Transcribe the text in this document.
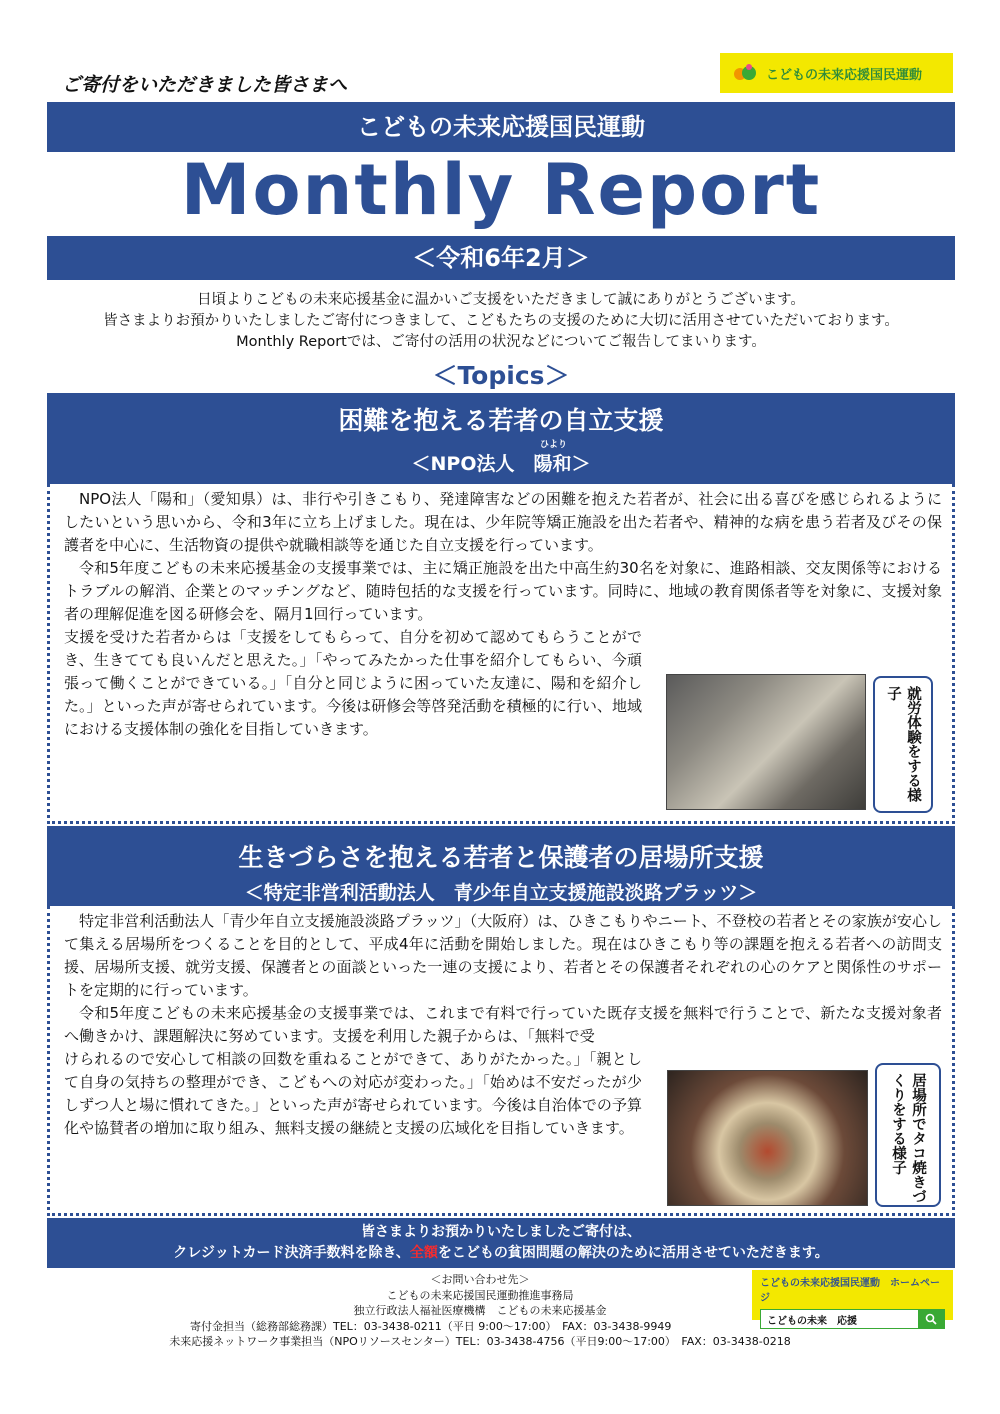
ご寄付をいただきました皆さまへ	こどもの未来応援国民運動
こどもの未来応援国民運動
Monthly Report
＜令和6年2月＞
日頃よりこどもの未来応援基金に温かいご支援をいただきまして誠にありがとうございます。
皆さまよりお預かりいたしましたご寄付につきまして、こどもたちの支援のために大切に活用させていただいております。
Monthly Reportでは、ご寄付の活用の状況などについてご報告してまいります。
＜Topics＞
困難を抱える若者の自立支援
ひより
＜NPO法人　陽和＞

NPO法人「陽和」（愛知県）は、非行や引きこもり、発達障害などの困難を抱えた若者が、社会に出る喜びを感じられるようにしたいという思いから、令和3年に立ち上げました。現在は、少年院等矯正施設を出た若者や、精神的な病を患う若者及びその保護者を中心に、生活物資の提供や就職相談等を通じた自立支援を行っています。

令和5年度こどもの未来応援基金の支援事業では、主に矯正施設を出た中高生約30名を対象に、進路相談、交友関係等におけるトラブルの解消、企業とのマッチングなど、随時包括的な支援を行っています。同時に、地域の教育関係者等を対象に、支援対象者の理解促進を図る研修会を、隔月1回行っています。

支援を受けた若者からは「支援をしてもらって、自分を初めて認めてもらうことができ、生きてても良いんだと思えた。」「やってみたかった仕事を紹介してもらい、今頑張って働くことができている。」「自分と同じように困っていた友達に、陽和を紹介した。」といった声が寄せられています。今後は研修会等啓発活動を積極的に行い、地域における支援体制の強化を目指していきます。	就労体験をする様子
生きづらさを抱える若者と保護者の居場所支援
＜特定非営利活動法人　青少年自立支援施設淡路プラッツ＞

特定非営利活動法人「青少年自立支援施設淡路プラッツ」（大阪府）は、ひきこもりやニート、不登校の若者とその家族が安心して集える居場所をつくることを目的として、平成4年に活動を開始しました。現在はひきこもり等の課題を抱える若者への訪問支援、居場所支援、就労支援、保護者との面談といった一連の支援により、若者とその保護者それぞれの心のケアと関係性のサポートを定期的に行っています。

令和5年度こどもの未来応援基金の支援事業では、これまで有料で行っていた既存支援を無料で行うことで、新たな支援対象者へ働きかけ、課題解決に努めています。支援を利用した親子からは、「無料で受

けられるので安心して相談の回数を重ねることができて、ありがたかった。」「親として自身の気持ちの整理ができ、こどもへの対応が変わった。」「始めは不安だったが少しずつ人と場に慣れてきた。」といった声が寄せられています。今後は自治体での予算化や協賛者の増加に取り組み、無料支援の継続と支援の広域化を目指していきます。	居場所でタコ焼きづくりをする様子
皆さまよりお預かりいたしましたご寄付は、
クレジットカード決済手数料を除き、全額をこどもの貧困問題の解決のために活用させていただきます。
＜お問い合わせ先＞
こどもの未来応援国民運動推進事務局
独立行政法人福祉医療機構　こどもの未来応援基金
寄付金担当（総務部総務課）TEL：03-3438-0211（平日 9:00～17:00）　FAX：03-3438-9949
未来応援ネットワーク事業担当（NPOリソースセンター）TEL：03-3438-4756（平日9:00～17:00）　FAX：03-3438-0218
こどもの未来応援国民運動　ホームページ
こどもの未来　応援
